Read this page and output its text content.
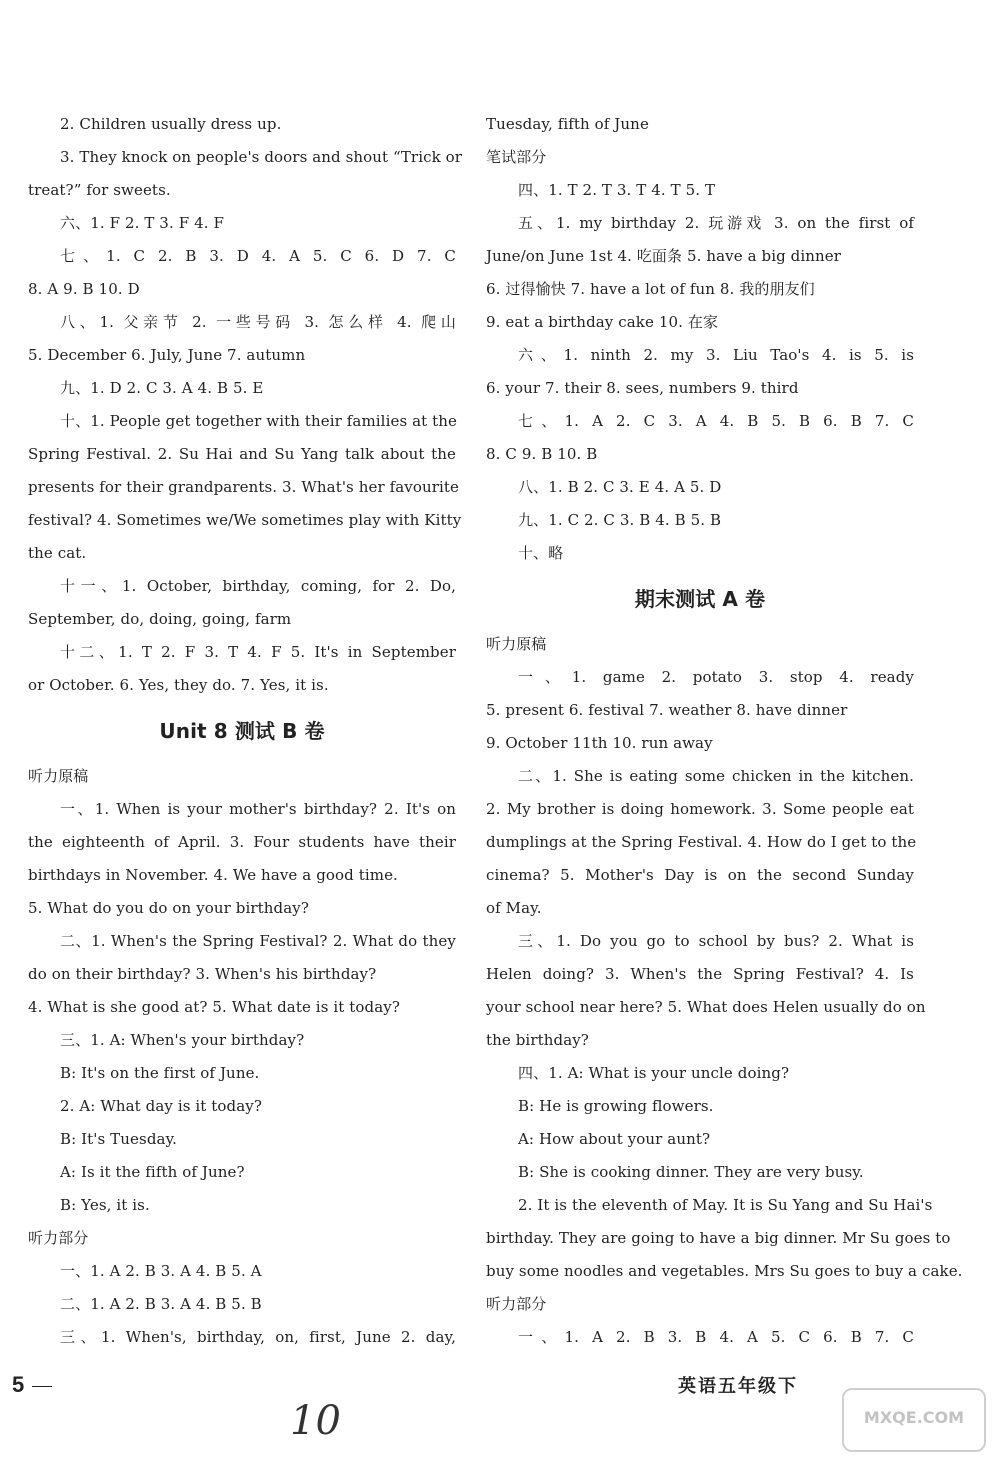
2. Children usually dress up.
3. They knock on people's doors and shout “Trick or
treat?” for sweets.
六、1. F 2. T 3. F 4. F
七、1. C 2. B 3. D 4. A 5. C 6. D 7. C
8. A 9. B 10. D
八、1. 父亲节 2. 一些号码 3. 怎么样 4. 爬山
5. December 6. July, June 7. autumn
九、1. D 2. C 3. A 4. B 5. E
十、1. People get together with their families at the
Spring Festival. 2. Su Hai and Su Yang talk about the
presents for their grandparents. 3. What's her favourite
festival? 4. Sometimes we/We sometimes play with Kitty
the cat.
十一、1. October, birthday, coming, for 2. Do,
September, do, doing, going, farm
十二、1. T 2. F 3. T 4. F 5. It's in September
or October. 6. Yes, they do. 7. Yes, it is.
Unit 8 测试 B 卷
听力原稿
一、1. When is your mother's birthday? 2. It's on
the eighteenth of April. 3. Four students have their
birthdays in November. 4. We have a good time.
5. What do you do on your birthday?
二、1. When's the Spring Festival? 2. What do they
do on their birthday? 3. When's his birthday?
4. What is she good at? 5. What date is it today?
三、1. A: When's your birthday?
B: It's on the first of June.
2. A: What day is it today?
B: It's Tuesday.
A: Is it the fifth of June?
B: Yes, it is.
听力部分
一、1. A 2. B 3. A 4. B 5. A
二、1. A 2. B 3. A 4. B 5. B
三、1. When's, birthday, on, first, June 2. day,
Tuesday, fifth of June
笔试部分
四、1. T 2. T 3. T 4. T 5. T
五、1. my birthday 2. 玩游戏 3. on the first of
June/on June 1st 4. 吃面条 5. have a big dinner
6. 过得愉快 7. have a lot of fun 8. 我的朋友们
9. eat a birthday cake 10. 在家
六、1. ninth 2. my 3. Liu Tao's 4. is 5. is
6. your 7. their 8. sees, numbers 9. third
七、1. A 2. C 3. A 4. B 5. B 6. B 7. C
8. C 9. B 10. B
八、1. B 2. C 3. E 4. A 5. D
九、1. C 2. C 3. B 4. B 5. B
十、略
期末测试 A 卷
听力原稿
一、1. game 2. potato 3. stop 4. ready
5. present 6. festival 7. weather 8. have dinner
9. October 11th 10. run away
二、1. She is eating some chicken in the kitchen.
2. My brother is doing homework. 3. Some people eat
dumplings at the Spring Festival. 4. How do I get to the
cinema? 5. Mother's Day is on the second Sunday
of May.
三、1. Do you go to school by bus? 2. What is
Helen doing? 3. When's the Spring Festival? 4. Is
your school near here? 5. What does Helen usually do on
the birthday?
四、1. A: What is your uncle doing?
B: He is growing flowers.
A: How about your aunt?
B: She is cooking dinner. They are very busy.
2. It is the eleventh of May. It is Su Yang and Su Hai's
birthday. They are going to have a big dinner. Mr Su goes to
buy some noodles and vegetables. Mrs Su goes to buy a cake.
听力部分
一、1. A 2. B 3. B 4. A 5. C 6. B 7. C
5	英语五年级下
10	MXQE.COM
